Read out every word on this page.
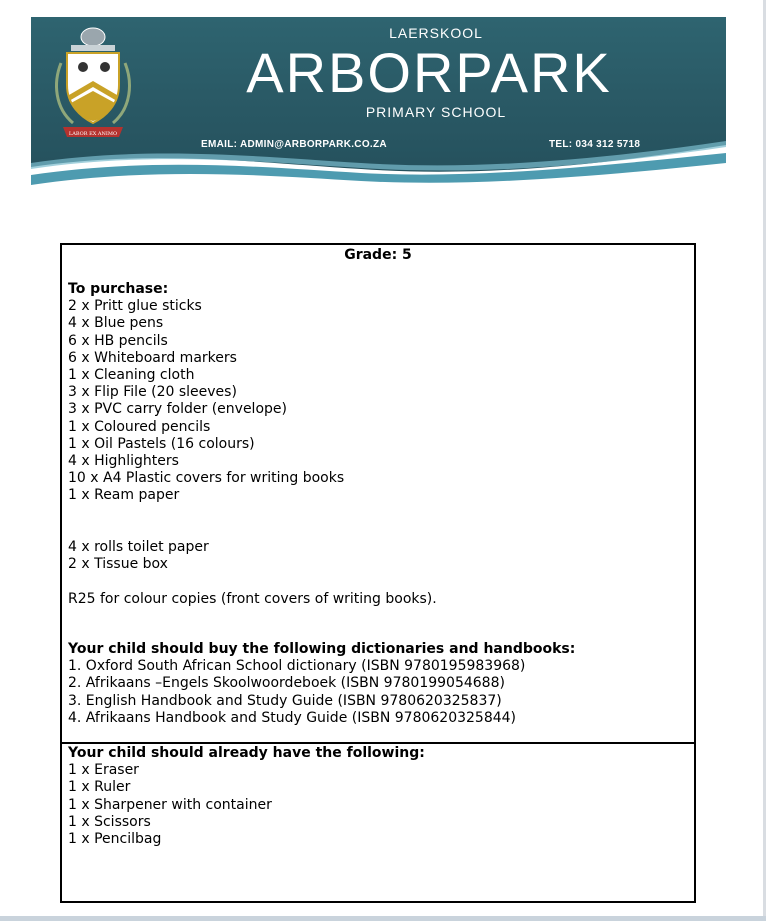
LABOR EX ANIMO
LAERSKOOL
ARBORPARK
PRIMARY SCHOOL
EMAIL: ADMIN@ARBORPARK.CO.ZA	TEL: 034 312 5718
Grade: 5
To purchase:
2 x Pritt glue sticks
4 x Blue pens
6 x HB pencils
6 x Whiteboard markers
1 x Cleaning cloth
3 x Flip File (20 sleeves)
3 x PVC carry folder (envelope)
1 x Coloured pencils
1 x Oil Pastels (16 colours)
4 x Highlighters
10 x A4 Plastic covers for writing books
1 x Ream paper
4 x rolls toilet paper
2 x Tissue box
R25 for colour copies (front covers of writing books).
Your child should buy the following dictionaries and handbooks:
1. Oxford South African School dictionary (ISBN 9780195983968)
2. Afrikaans –Engels Skoolwoordeboek (ISBN 9780199054688)
3. English Handbook and Study Guide (ISBN 9780620325837)
4. Afrikaans Handbook and Study Guide (ISBN 9780620325844)
Your child should already have the following:
1 x Eraser
1 x Ruler
1 x Sharpener with container
1 x Scissors
1 x Pencilbag
